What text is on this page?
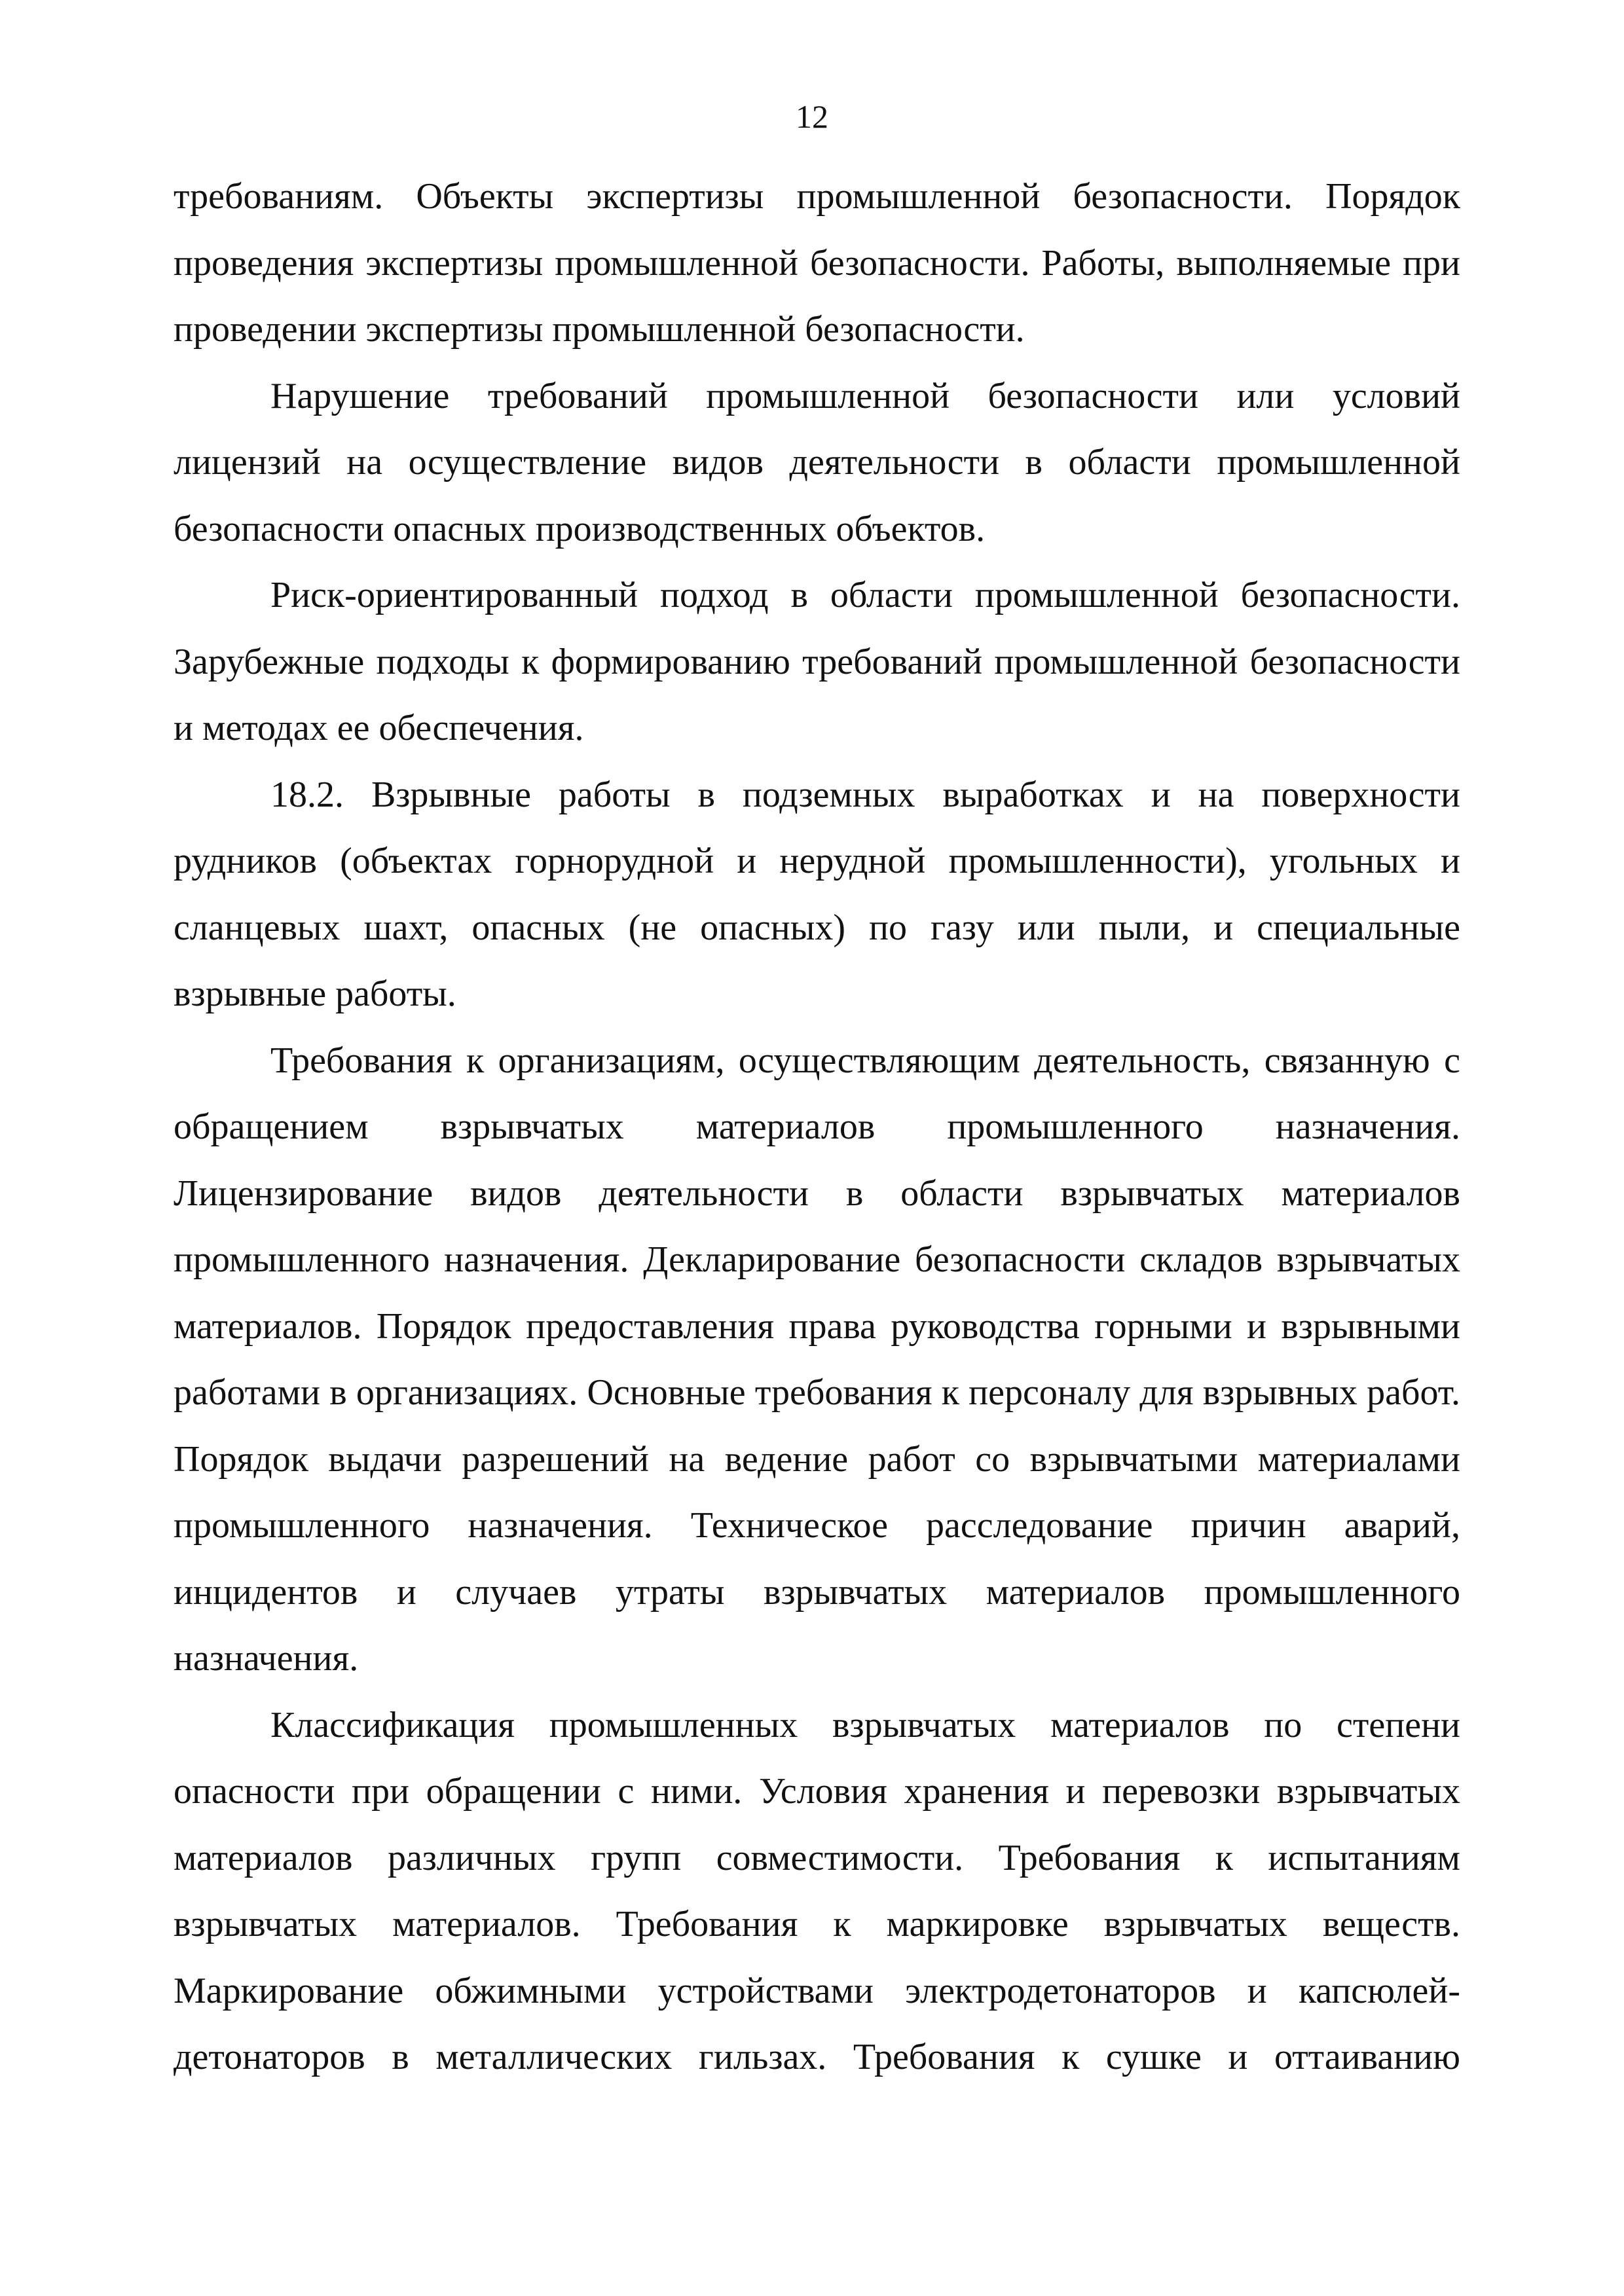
12

требованиям. Объекты экспертизы промышленной безопасности. Порядок проведения экспертизы промышленной безопасности. Работы, выполняемые при проведении экспертизы промышленной безопасности.

Нарушение требований промышленной безопасности или условий лицензий на осуществление видов деятельности в области промышленной безопасности опасных производственных объектов.

Риск-ориентированный подход в области промышленной безопасности. Зарубежные подходы к формированию требований промышленной безопасности и методах ее обеспечения.

18.2. Взрывные работы в подземных выработках и на поверхности рудников (объектах горнорудной и нерудной промышленности), угольных и сланцевых шахт, опасных (не опасных) по газу или пыли, и специальные взрывные работы.

Требования к организациям, осуществляющим деятельность, связанную с обращением взрывчатых материалов промышленного назначения. Лицензирование видов деятельности в области взрывчатых материалов промышленного назначения. Декларирование безопасности складов взрывчатых материалов. Порядок предоставления права руководства горными и взрывными работами в организациях. Основные требования к персоналу для взрывных работ. Порядок выдачи разрешений на ведение работ со взрывчатыми материалами промышленного назначения. Техническое расследование причин аварий, инцидентов и случаев утраты взрывчатых материалов промышленного назначения.

Классификация промышленных взрывчатых материалов по степени опасности при обращении с ними. Условия хранения и перевозки взрывчатых материалов различных групп совместимости. Требования к испытаниям взрывчатых материалов. Требования к маркировке взрывчатых веществ. Маркирование обжимными устройствами электродетонаторов и капсюлей-детонаторов в металлических гильзах. Требования к сушке и оттаиванию
